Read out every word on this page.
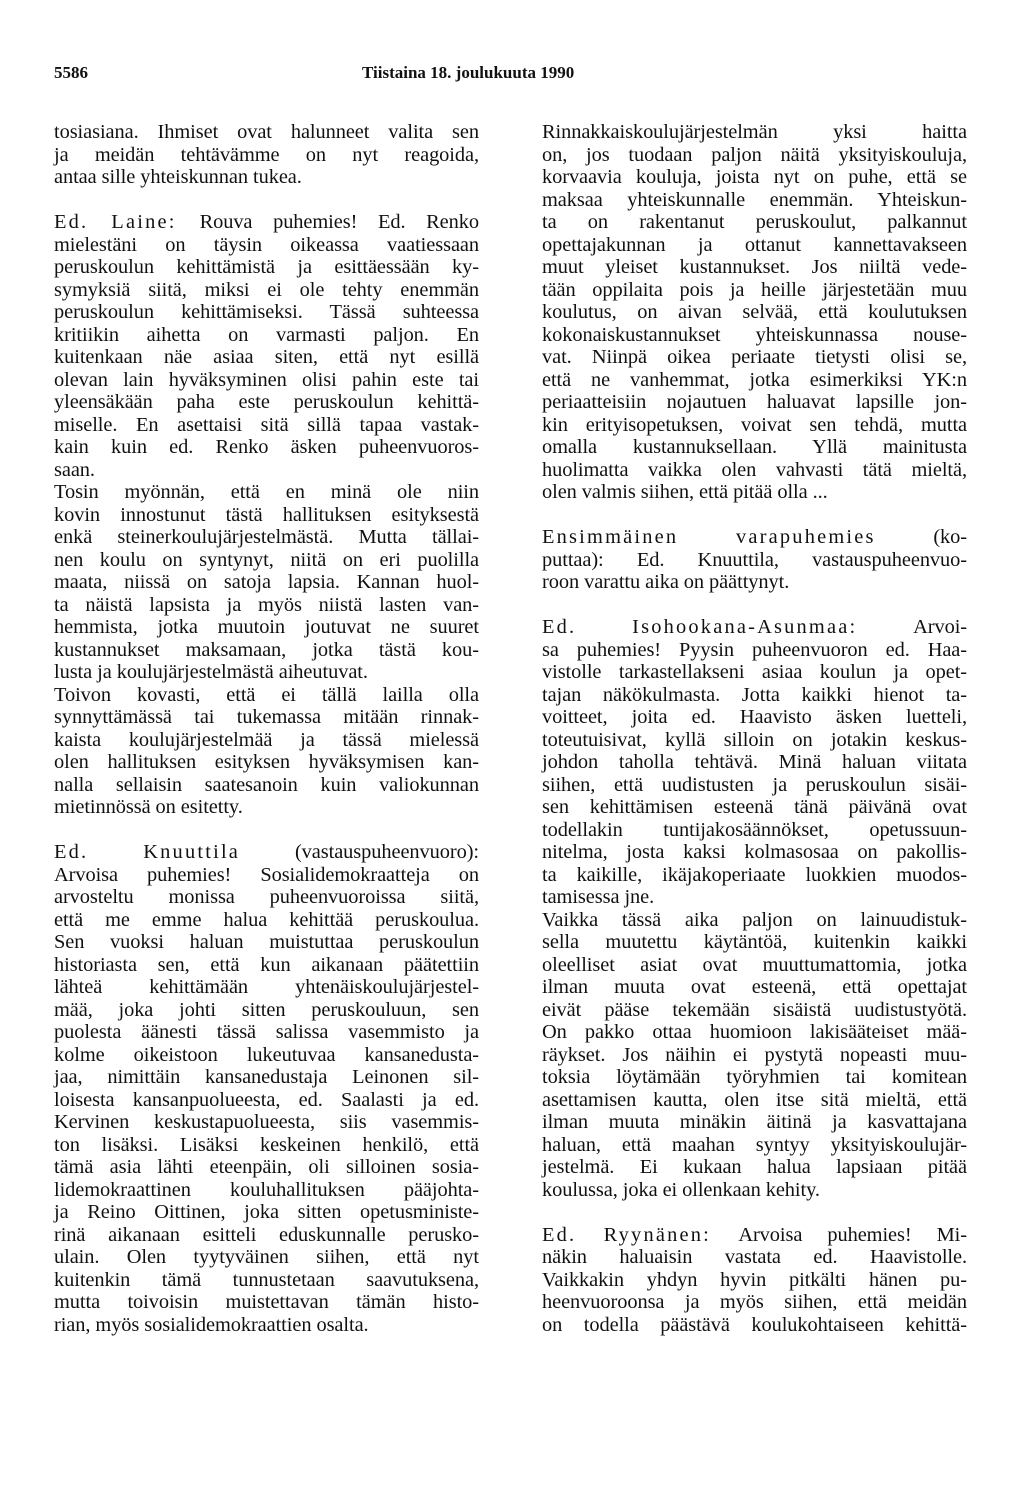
5586	Tiistaina 18. joulukuuta 1990
tosiasiana. Ihmiset ovat halunneet valita sen
ja meidän tehtävämme on nyt reagoida,
antaa sille yhteiskunnan tukea.
Ed. Laine: Rouva puhemies! Ed. Renko
mielestäni on täysin oikeassa vaatiessaan
peruskoulun kehittämistä ja esittäessään ky-
symyksiä siitä, miksi ei ole tehty enemmän
peruskoulun kehittämiseksi. Tässä suhteessa
kritiikin aihetta on varmasti paljon. En
kuitenkaan näe asiaa siten, että nyt esillä
olevan lain hyväksyminen olisi pahin este tai
yleensäkään paha este peruskoulun kehittä-
miselle. En asettaisi sitä sillä tapaa vastak-
kain kuin ed. Renko äsken puheenvuoros-
saan.
Tosin myönnän, että en minä ole niin
kovin innostunut tästä hallituksen esityksestä
enkä steinerkoulujärjestelmästä. Mutta tällai-
nen koulu on syntynyt, niitä on eri puolilla
maata, niissä on satoja lapsia. Kannan huol-
ta näistä lapsista ja myös niistä lasten van-
hemmista, jotka muutoin joutuvat ne suuret
kustannukset maksamaan, jotka tästä kou-
lusta ja koulujärjestelmästä aiheutuvat.
Toivon kovasti, että ei tällä lailla olla
synnyttämässä tai tukemassa mitään rinnak-
kaista koulujärjestelmää ja tässä mielessä
olen hallituksen esityksen hyväksymisen kan-
nalla sellaisin saatesanoin kuin valiokunnan
mietinnössä on esitetty.
Ed. Knuuttila (vastauspuheenvuoro):
Arvoisa puhemies! Sosialidemokraatteja on
arvosteltu monissa puheenvuoroissa siitä,
että me emme halua kehittää peruskoulua.
Sen vuoksi haluan muistuttaa peruskoulun
historiasta sen, että kun aikanaan päätettiin
lähteä kehittämään yhtenäiskoulujärjestel-
mää, joka johti sitten peruskouluun, sen
puolesta äänesti tässä salissa vasemmisto ja
kolme oikeistoon lukeutuvaa kansanedusta-
jaa, nimittäin kansanedustaja Leinonen sil-
loisesta kansanpuolueesta, ed. Saalasti ja ed.
Kervinen keskustapuolueesta, siis vasemmis-
ton lisäksi. Lisäksi keskeinen henkilö, että
tämä asia lähti eteenpäin, oli silloinen sosia-
lidemokraattinen kouluhallituksen pääjohta-
ja Reino Oittinen, joka sitten opetusministe-
rinä aikanaan esitteli eduskunnalle perusko-
ulain. Olen tyytyväinen siihen, että nyt
kuitenkin tämä tunnustetaan saavutuksena,
mutta toivoisin muistettavan tämän histo-
rian, myös sosialidemokraattien osalta.
Rinnakkaiskoulujärjestelmän yksi haitta
on, jos tuodaan paljon näitä yksityiskouluja,
korvaavia kouluja, joista nyt on puhe, että se
maksaa yhteiskunnalle enemmän. Yhteiskun-
ta on rakentanut peruskoulut, palkannut
opettajakunnan ja ottanut kannettavakseen
muut yleiset kustannukset. Jos niiltä vede-
tään oppilaita pois ja heille järjestetään muu
koulutus, on aivan selvää, että koulutuksen
kokonaiskustannukset yhteiskunnassa nouse-
vat. Niinpä oikea periaate tietysti olisi se,
että ne vanhemmat, jotka esimerkiksi YK:n
periaatteisiin nojautuen haluavat lapsille jon-
kin erityisopetuksen, voivat sen tehdä, mutta
omalla kustannuksellaan. Yllä mainitusta
huolimatta vaikka olen vahvasti tätä mieltä,
olen valmis siihen, että pitää olla ...
Ensimmäinen varapuhemies (ko-
puttaa): Ed. Knuuttila, vastauspuheenvuo-
roon varattu aika on päättynyt.
Ed. Isohookana-Asunmaa: Arvoi-
sa puhemies! Pyysin puheenvuoron ed. Haa-
vistolle tarkastellakseni asiaa koulun ja opet-
tajan näkökulmasta. Jotta kaikki hienot ta-
voitteet, joita ed. Haavisto äsken luetteli,
toteutuisivat, kyllä silloin on jotakin keskus-
johdon taholla tehtävä. Minä haluan viitata
siihen, että uudistusten ja peruskoulun sisäi-
sen kehittämisen esteenä tänä päivänä ovat
todellakin tuntijakosäännökset, opetussuun-
nitelma, josta kaksi kolmasosaa on pakollis-
ta kaikille, ikäjakoperiaate luokkien muodos-
tamisessa jne.
Vaikka tässä aika paljon on lainuudistuk-
sella muutettu käytäntöä, kuitenkin kaikki
oleelliset asiat ovat muuttumattomia, jotka
ilman muuta ovat esteenä, että opettajat
eivät pääse tekemään sisäistä uudistustyötä.
On pakko ottaa huomioon lakisääteiset mää-
räykset. Jos näihin ei pystytä nopeasti muu-
toksia löytämään työryhmien tai komitean
asettamisen kautta, olen itse sitä mieltä, että
ilman muuta minäkin äitinä ja kasvattajana
haluan, että maahan syntyy yksityiskoulujär-
jestelmä. Ei kukaan halua lapsiaan pitää
koulussa, joka ei ollenkaan kehity.
Ed. Ryynänen: Arvoisa puhemies! Mi-
näkin haluaisin vastata ed. Haavistolle.
Vaikkakin yhdyn hyvin pitkälti hänen pu-
heenvuoroonsa ja myös siihen, että meidän
on todella päästävä koulukohtaiseen kehittä-
